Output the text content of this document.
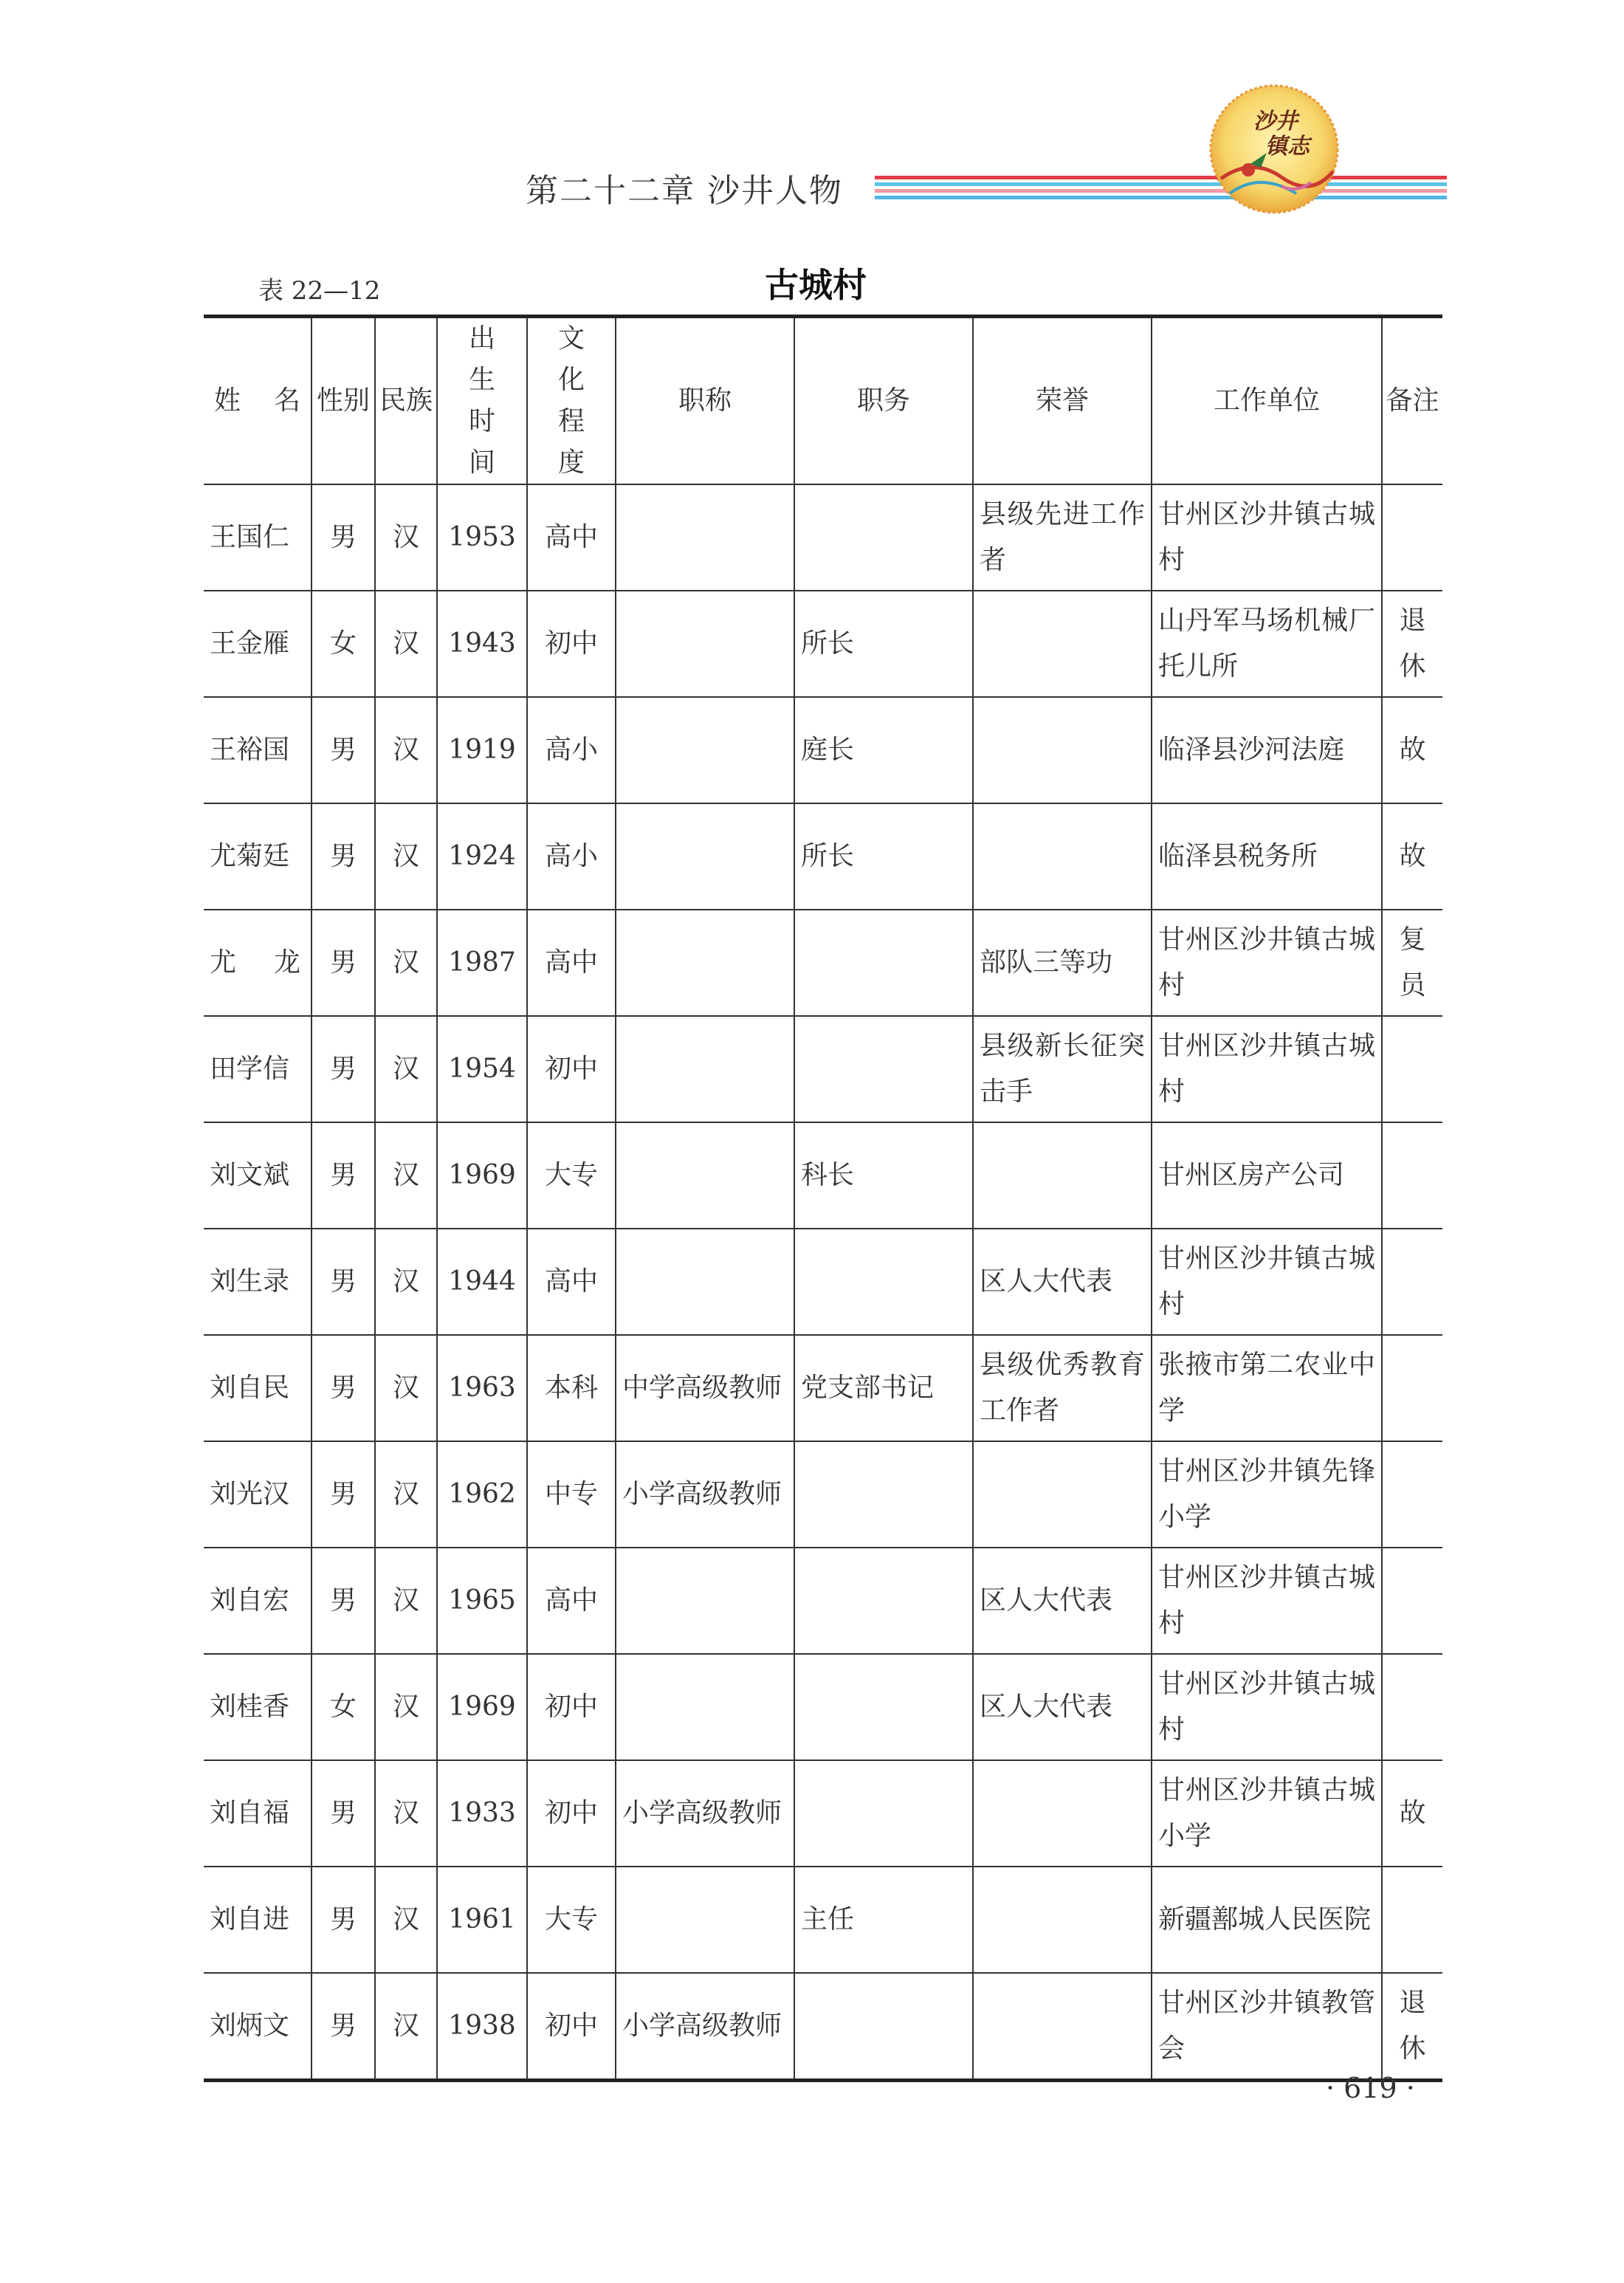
第二十二章 沙井人物
沙井
镇志
表 22—12	古城村
姓 名	性别	民族	出生时间	文化程度	职称	职务	荣誉	工作单位	备注
王国仁	男	汉	1953	高中			县级先进工作者	甘州区沙井镇古城村	
王金雁	女	汉	1943	初中		所长		山丹军马场机械厂托儿所	退休
王裕国	男	汉	1919	高小		庭长		临泽县沙河法庭	故
尤菊廷	男	汉	1924	高小		所长		临泽县税务所	故
尤 龙	男	汉	1987	高中			部队三等功	甘州区沙井镇古城村	复员
田学信	男	汉	1954	初中			县级新长征突击手	甘州区沙井镇古城村	
刘文斌	男	汉	1969	大专		科长		甘州区房产公司	
刘生录	男	汉	1944	高中			区人大代表	甘州区沙井镇古城村	
刘自民	男	汉	1963	本科	中学高级教师	党支部书记	县级优秀教育工作者	张掖市第二农业中学	
刘光汉	男	汉	1962	中专	小学高级教师			甘州区沙井镇先锋小学	
刘自宏	男	汉	1965	高中			区人大代表	甘州区沙井镇古城村	
刘桂香	女	汉	1969	初中			区人大代表	甘州区沙井镇古城村	
刘自福	男	汉	1933	初中	小学高级教师			甘州区沙井镇古城小学	故
刘自进	男	汉	1961	大专		主任		新疆鄯城人民医院	
刘炳文	男	汉	1938	初中	小学高级教师			甘州区沙井镇教管会	退休
· 619 ·
